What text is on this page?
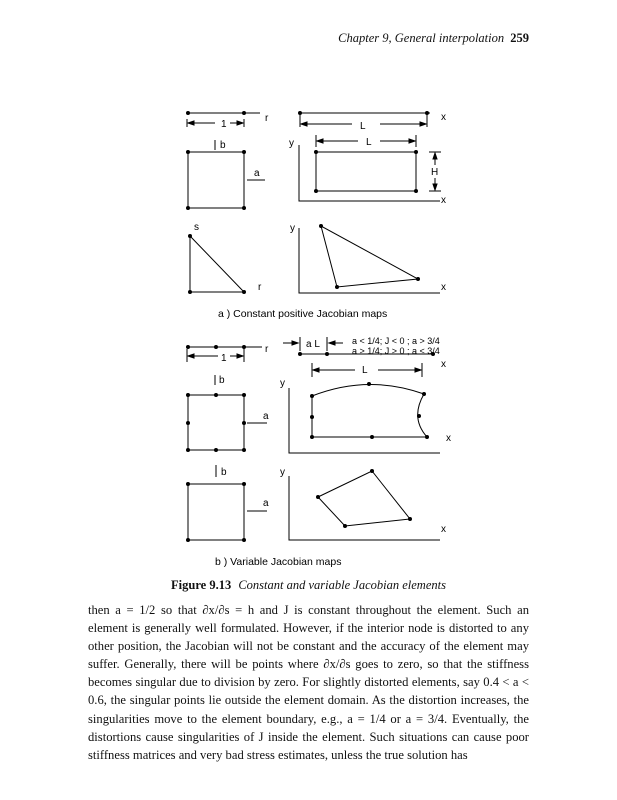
Chapter 9, General interpolation 259
1
r
b
a
x
L
L
y
H
x
s
r
y
x
a ) Constant positive Jacobian maps
1
r	a L	a < 1/4; J < 0 ; a > 3/4
a > 1/4; J > 0 ; a < 3/4
x
L
b	y
a
x
b	y
a
x
b ) Variable Jacobian maps
Figure 9.13 Constant and variable Jacobian elements

then a = 1/2 so that ∂x/∂s = h and J is constant throughout the element. Such an element is generally well formulated. However, if the interior node is distorted to any other position, the Jacobian will not be constant and the accuracy of the element may suffer. Generally, there will be points where ∂x/∂s goes to zero, so that the stiffness becomes singular due to division by zero. For slightly distorted elements, say 0.4 < a < 0.6, the singular points lie outside the element domain. As the distortion increases, the singularities move to the element boundary, e.g., a = 1/4 or a = 3/4. Eventually, the distortions cause singularities of J inside the element. Such situations can cause poor stiffness matrices and very bad stress estimates, unless the true solution has
